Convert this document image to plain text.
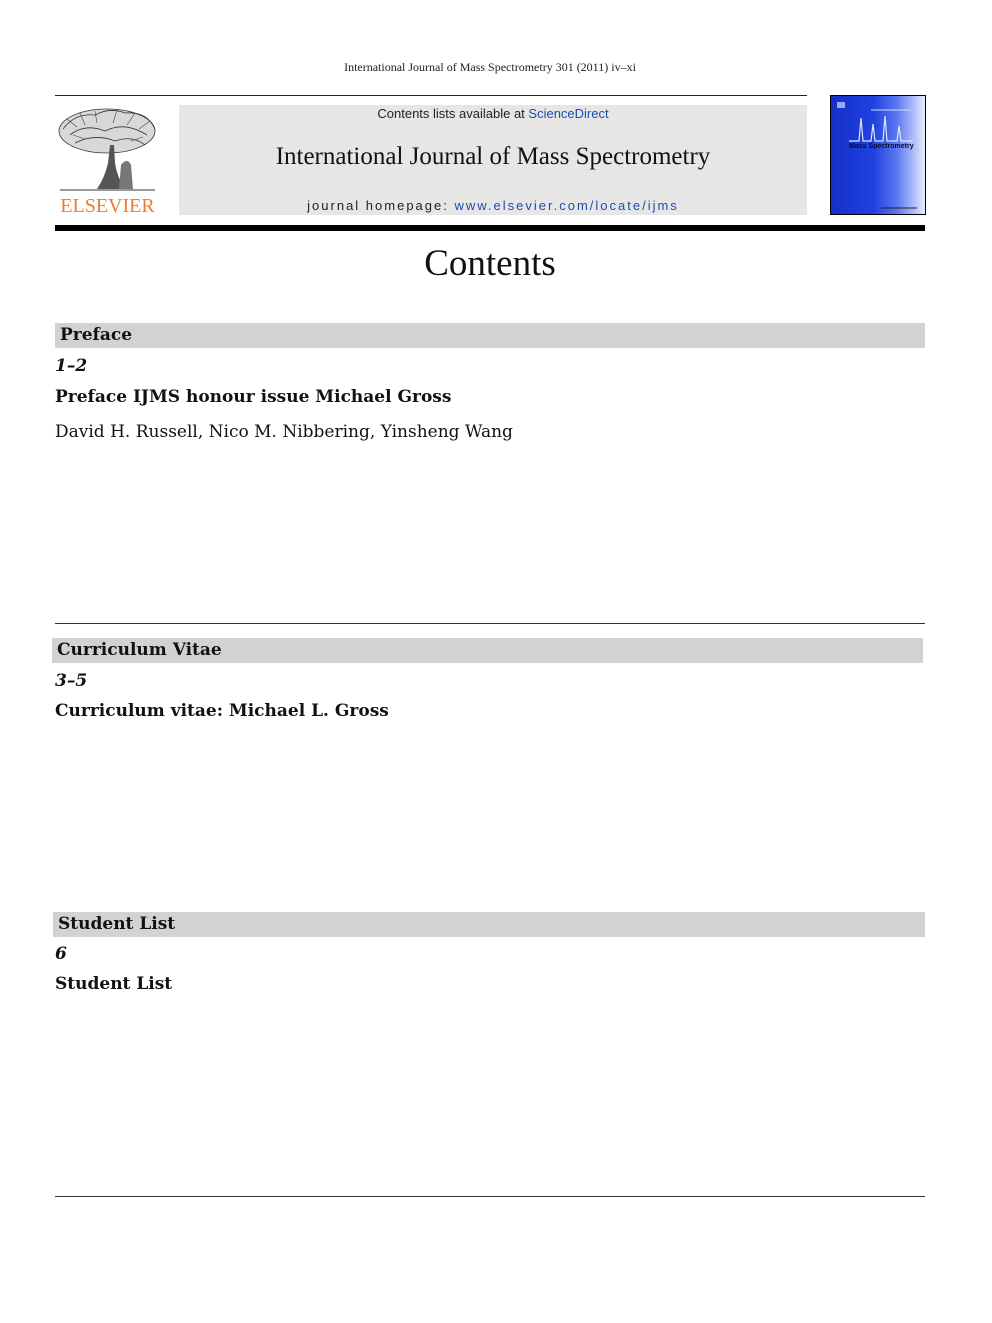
International Journal of Mass Spectrometry 301 (2011) iv–xi
ELSEVIER
Contents lists available at ScienceDirect
International Journal of Mass Spectrometry
journal homepage: www.elsevier.com/locate/ijms
Mass Spectrometry
Contents
Preface
1–2
Preface IJMS honour issue Michael Gross
David H. Russell, Nico M. Nibbering, Yinsheng Wang
Curriculum Vitae
3–5
Curriculum vitae: Michael L. Gross
Student List
6
Student List
